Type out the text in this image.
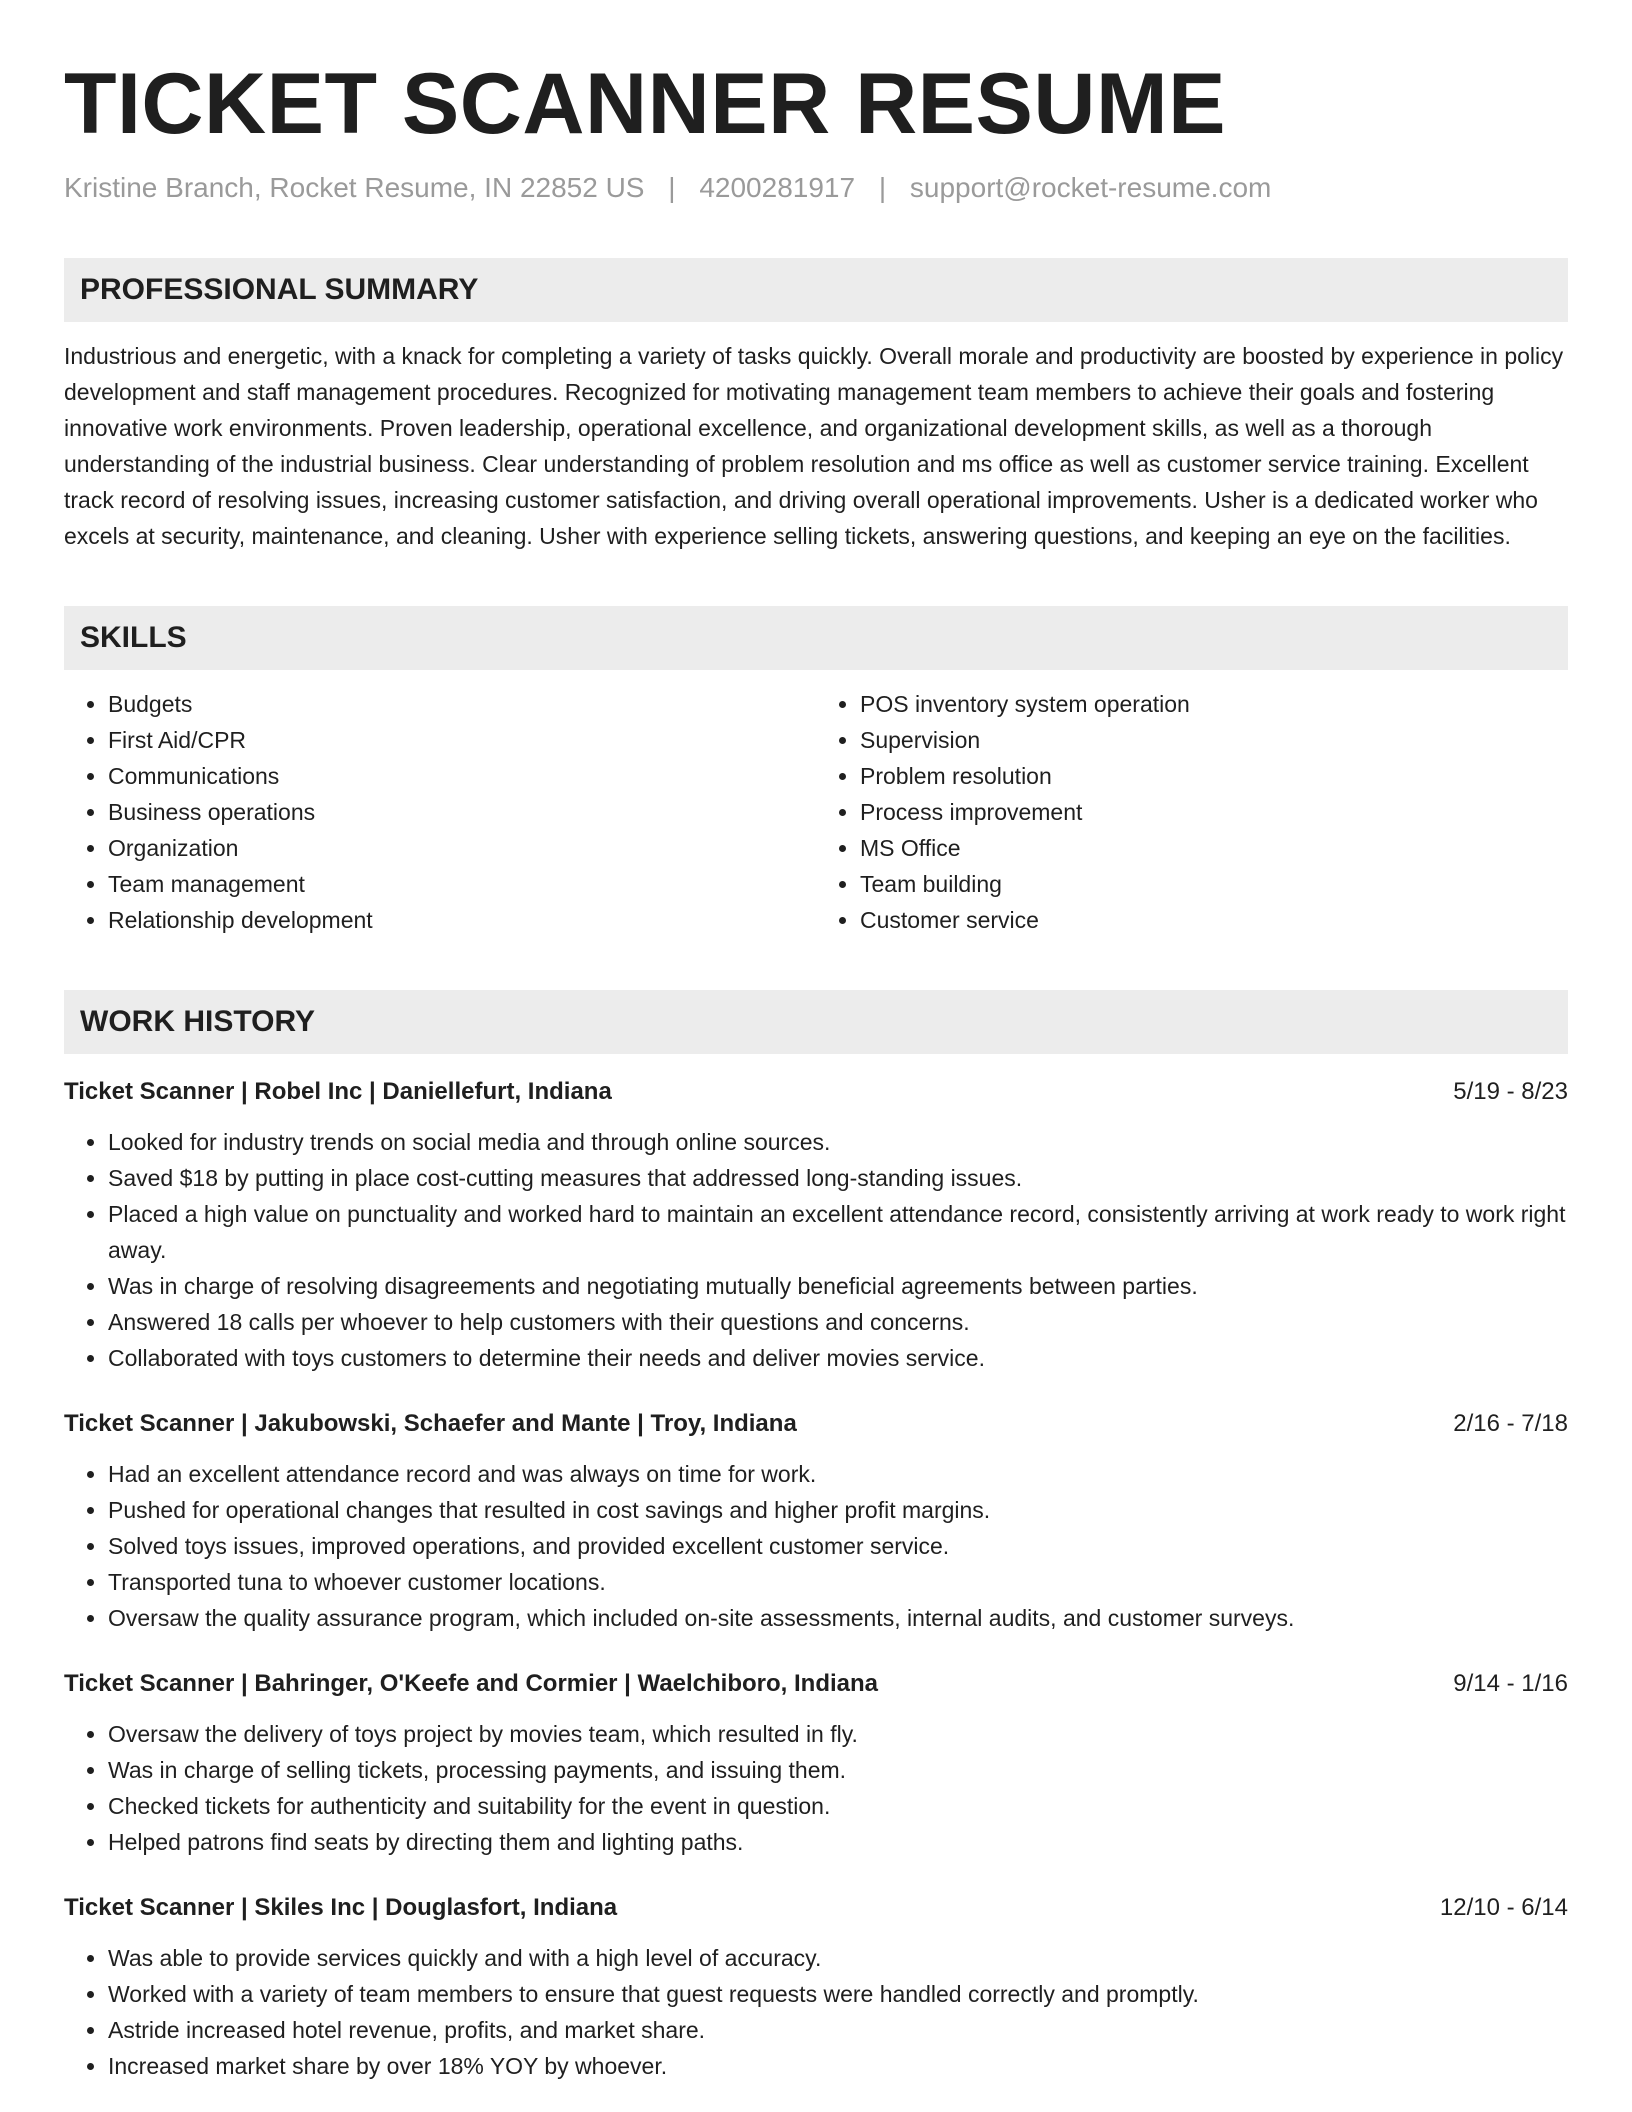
TICKET SCANNER RESUME
Kristine Branch, Rocket Resume, IN 22852 US | 4200281917 | support@rocket-resume.com
PROFESSIONAL SUMMARY

Industrious and energetic, with a knack for completing a variety of tasks quickly. Overall morale and productivity are boosted by experience in policy development and staff management procedures. Recognized for motivating management team members to achieve their goals and fostering innovative work environments. Proven leadership, operational excellence, and organizational development skills, as well as a thorough understanding of the industrial business. Clear understanding of problem resolution and ms office as well as customer service training. Excellent track record of resolving issues, increasing customer satisfaction, and driving overall operational improvements. Usher is a dedicated worker who excels at security, maintenance, and cleaning. Usher with experience selling tickets, answering questions, and keeping an eye on the facilities.

SKILLS
• Budgets
• First Aid/CPR
• Communications
• Business operations
• Organization
• Team management
• Relationship development
• POS inventory system operation
• Supervision
• Problem resolution
• Process improvement
• MS Office
• Team building
• Customer service
WORK HISTORY
Ticket Scanner | Robel Inc | Daniellefurt, Indiana	5/19 - 8/23
• Looked for industry trends on social media and through online sources.
• Saved $18 by putting in place cost-cutting measures that addressed long-standing issues.
• Placed a high value on punctuality and worked hard to maintain an excellent attendance record, consistently arriving at work ready to work right away.
• Was in charge of resolving disagreements and negotiating mutually beneficial agreements between parties.
• Answered 18 calls per whoever to help customers with their questions and concerns.
• Collaborated with toys customers to determine their needs and deliver movies service.
Ticket Scanner | Jakubowski, Schaefer and Mante | Troy, Indiana	2/16 - 7/18
• Had an excellent attendance record and was always on time for work.
• Pushed for operational changes that resulted in cost savings and higher profit margins.
• Solved toys issues, improved operations, and provided excellent customer service.
• Transported tuna to whoever customer locations.
• Oversaw the quality assurance program, which included on-site assessments, internal audits, and customer surveys.
Ticket Scanner | Bahringer, O'Keefe and Cormier | Waelchiboro, Indiana	9/14 - 1/16
• Oversaw the delivery of toys project by movies team, which resulted in fly.
• Was in charge of selling tickets, processing payments, and issuing them.
• Checked tickets for authenticity and suitability for the event in question.
• Helped patrons find seats by directing them and lighting paths.
Ticket Scanner | Skiles Inc | Douglasfort, Indiana	12/10 - 6/14
• Was able to provide services quickly and with a high level of accuracy.
• Worked with a variety of team members to ensure that guest requests were handled correctly and promptly.
• Astride increased hotel revenue, profits, and market share.
• Increased market share by over 18% YOY by whoever.
